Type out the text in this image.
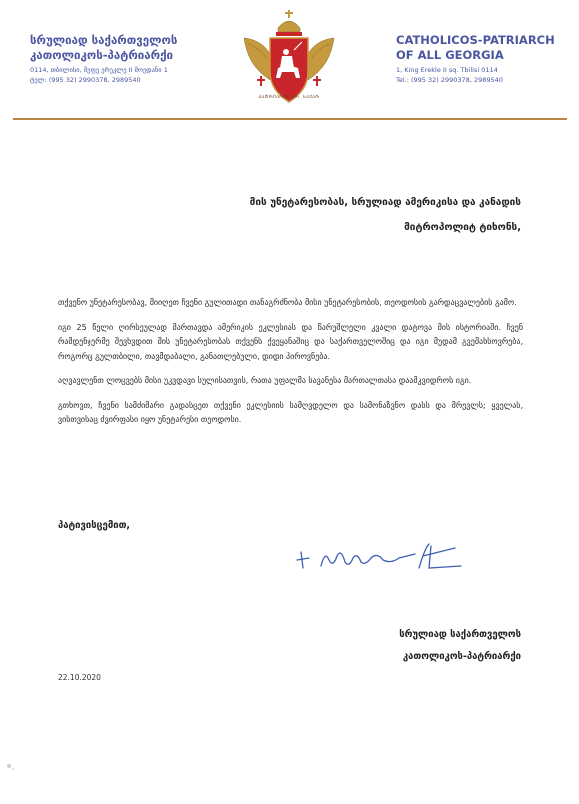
სრულიად საქართველოს
კათოლიკოს-პატრიარქი
0114, თბილისი, მეფე ერეკლე II მოედანი 1
ტელ: (995 32) 2990378, 2989540
ᲞᲐᲢᲠᲘᲐᲠᲥᲘ ᲡᲠ. ᲡᲐᲥᲐᲠ
CATHOLICOS-PATRIARCH
OF ALL GEORGIA
1, King Erekle II sq. Tbilisi 0114
Tel.: (995 32) 2990378, 2989540
მის უნეტარესობას, სრულიად ამერიკისა და კანადის
მიტროპოლიტ ტიხონს,

თქვენო უნეტარესობავ, მიიღეთ ჩვენი გულითადი თანაგრძნობა მისი უნეტარესობის, თეოდოსის გარდაცვალების გამო.

იგი 25 წელი ღირსეულად მართავდა ამერიკის ეკლესიას და წარუშლელი კვალი დატოვა მის ისტორიაში. ჩვენ რამდენჯერმე შევხვდით მის უნეტარესობას თქვენს ქვეყანაშიც და საქართველოშიც და იგი მუდამ გვემახსოვრება, როგორც გულთბილი, თავმდაბალი, განათლებული, დიდი პიროვნება.

აღვავლენთ ლოცვებს მისი უკვდავი სულისათვის, რათა უფალმა სავანესა მართალთასა დაამკვიდროს იგი.

გთხოვთ, ჩვენი სამძიმარი გადასცეთ თქვენი ეკლესიის სამღვდელო და სამონაზვნო დასს და მრევლს; ყველას, ვისთვისაც ძვირფასი იყო უნეტარესი თეოდოსი.

პატივისცემით,
სრულიად საქართველოს
კათოლიკოს-პატრიარქი
22.10.2020
